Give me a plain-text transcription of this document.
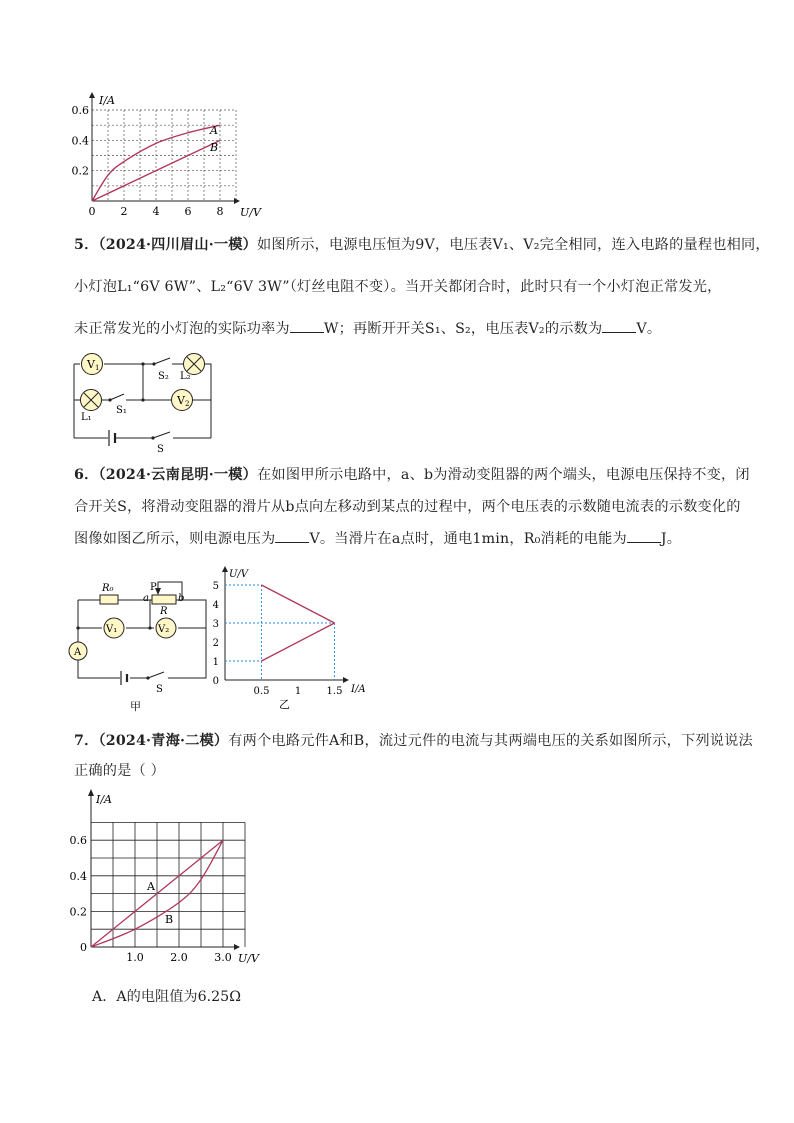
I/A
U/V
0.2
0.4
0.6
0 2 4 6 8
A
B
5．（2024·四川眉山·一模）如图所示，电源电压恒为9V，电压表V₁、V₂完全相同，连入电路的量程也相同，
小灯泡L₁“6V 6W”、L₂“6V 3W”（灯丝电阻不变）。当开关都闭合时，此时只有一个小灯泡正常发光，
未正常发光的小灯泡的实际功率为 W；再断开开关S₁、S₂，电压表V₂的示数为 V。
V 1
V 2
S₂ L₂
L₁
S₁
S
6．（2024·云南昆明·一模）在如图甲所示电路中，a、b为滑动变阻器的两个端头，电源电压保持不变，闭
合开关S，将滑动变阻器的滑片从b点向左移动到某点的过程中，两个电压表的示数随电流表的示数变化的
图像如图乙所示，则电源电压为 V。当滑片在a点时，通电1min，R₀消耗的电能为 J。
V₁	V₂
A
R₀	P
a	b
R
S
甲
U/V
I/A
0
1
2
3
4
5
0.5	1	1.5
乙
7．（2024·青海·二模）有两个电路元件A和B，流过元件的电流与其两端电压的关系如图所示，下列说说法
正确的是（ ）
I/A
U/V
0
0.2
0.4
0.6
1.0 2.0 3.0
A
B
A．A的电阻值为6.25Ω
